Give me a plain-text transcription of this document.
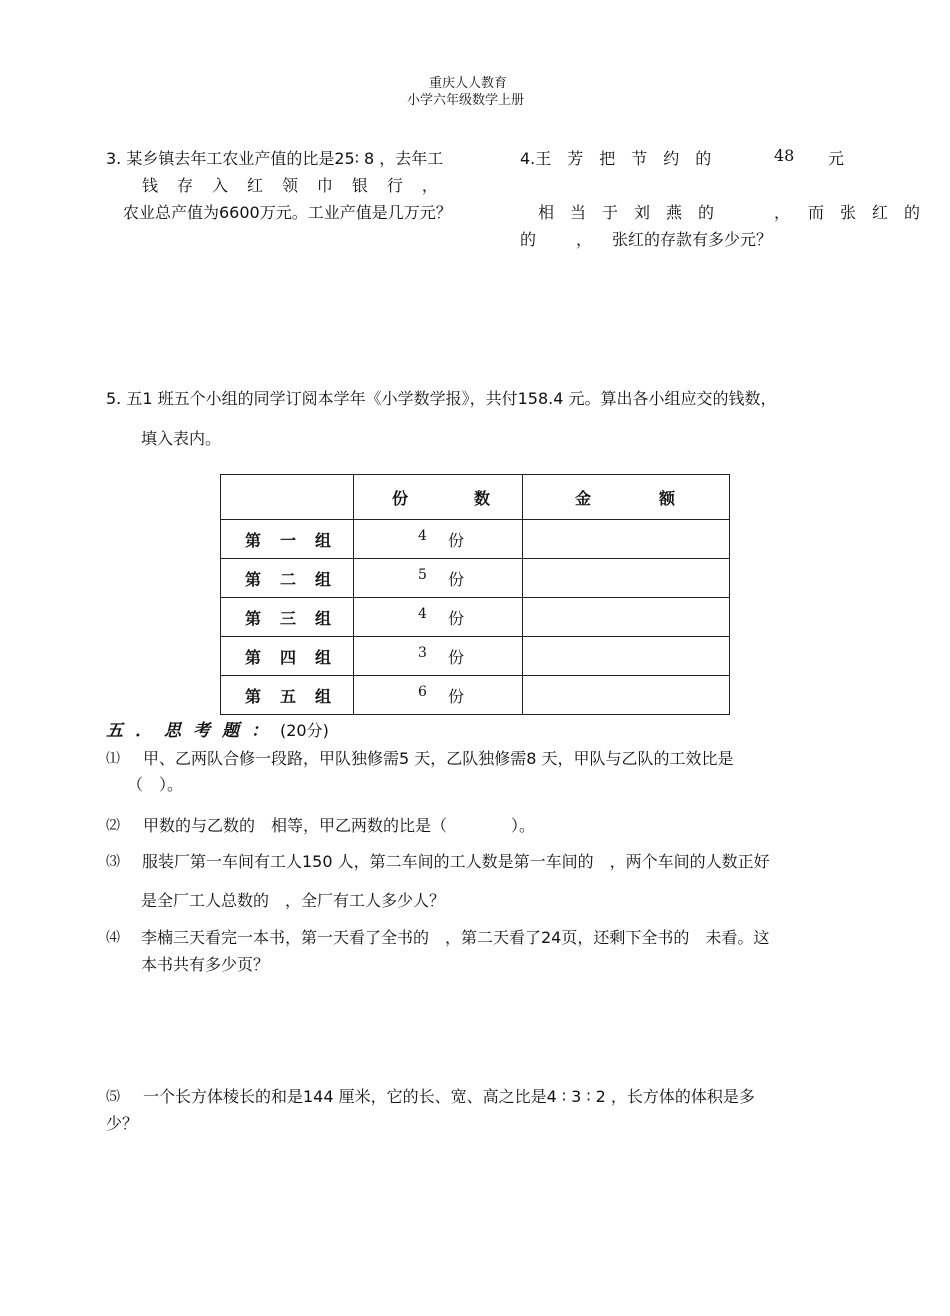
重庆人人教育
小学六年级数学上册
3. 某乡镇去年工农业产值的比是25∶ 8 ，去年工
钱 存 入 红 领 巾 银 行 ，
农业总产值为6600万元。工业产值是几万元？
4.王　芳　把　节　约　的	48 元
相　当　于　刘　燕　的	， 而　张　红　的
的 ， 张红的存款有多少元？
5. 五1 班五个小组的同学订阅本学年《小学数学报》，共付158.4 元。算出各小组应交的钱数，
填入表内。

	份 数	金 额

第 一 组	4 份	

第 二 组	5 份	

第 三 组	4 份	

第 四 组	3 份	

第 五 组	6 份	

五．思考题：(20分)
⑴ 甲、乙两队合修一段路，甲队独修需5 天，乙队独修需8 天，甲队与乙队的工效比是
（　）。
⑵ 甲数的与乙数的　相等，甲乙两数的比是（　　　　）。
⑶ 服装厂第一车间有工人150 人，第二车间的工人数是第一车间的　，两个车间的人数正好
是全厂工人总数的　，全厂有工人多少人？
⑷ 李楠三天看完一本书，第一天看了全书的　，第二天看了24页，还剩下全书的　未看。这
本书共有多少页？
⑸ 一个长方体棱长的和是144 厘米，它的长、宽、高之比是4 ∶ 3 ∶ 2 ，长方体的体积是多
少？
